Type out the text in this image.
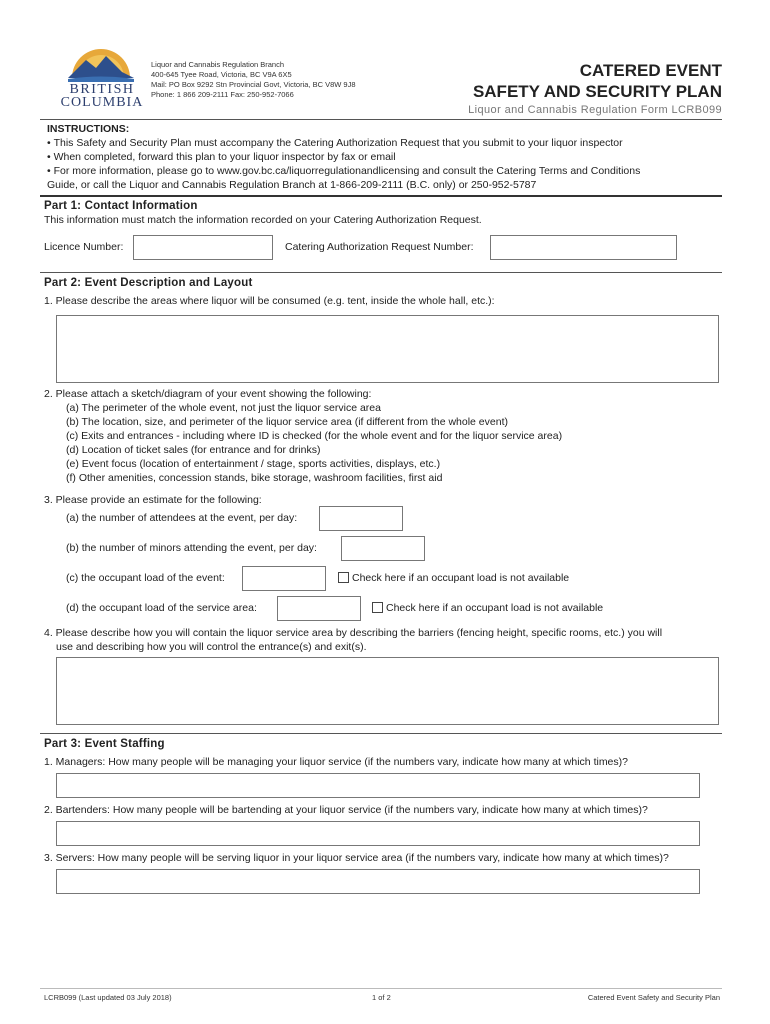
BRITISH
COLUMBIA
Liquor and Cannabis Regulation Branch
400-645 Tyee Road, Victoria, BC V9A 6X5
Mail: PO Box 9292 Stn Provincial Govt, Victoria, BC V8W 9J8
Phone: 1 866 209-2111 Fax: 250-952-7066
CATERED EVENT
SAFETY AND SECURITY PLAN
Liquor and Cannabis Regulation Form LCRB099
INSTRUCTIONS:
• This Safety and Security Plan must accompany the Catering Authorization Request that you submit to your liquor inspector
• When completed, forward this plan to your liquor inspector by fax or email
• For more information, please go to www.gov.bc.ca/liquorregulationandlicensing and consult the Catering Terms and Conditions
Guide, or call the Liquor and Cannabis Regulation Branch at 1-866-209-2111 (B.C. only) or 250-952-5787
Part 1: Contact Information
This information must match the information recorded on your Catering Authorization Request.
Licence Number:	Catering Authorization Request Number:
Part 2: Event Description and Layout
1. Please describe the areas where liquor will be consumed (e.g. tent, inside the whole hall, etc.):
2. Please attach a sketch/diagram of your event showing the following:
(a) The perimeter of the whole event, not just the liquor service area
(b) The location, size, and perimeter of the liquor service area (if different from the whole event)
(c) Exits and entrances - including where ID is checked (for the whole event and for the liquor service area)
(d) Location of ticket sales (for entrance and for drinks)
(e) Event focus (location of entertainment / stage, sports activities, displays, etc.)
(f) Other amenities, concession stands, bike storage, washroom facilities, first aid
3. Please provide an estimate for the following:
(a) the number of attendees at the event, per day:
(b) the number of minors attending the event, per day:
(c) the occupant load of the event:	Check here if an occupant load is not available
(d) the occupant load of the service area:	Check here if an occupant load is not available
4. Please describe how you will contain the liquor service area by describing the barriers (fencing height, specific rooms, etc.) you will
use and describing how you will control the entrance(s) and exit(s).
Part 3: Event Staffing
1. Managers: How many people will be managing your liquor service (if the numbers vary, indicate how many at which times)?
2. Bartenders: How many people will be bartending at your liquor service (if the numbers vary, indicate how many at which times)?
3. Servers: How many people will be serving liquor in your liquor service area (if the numbers vary, indicate how many at which times)?
LCRB099 (Last updated 03 July 2018)	1 of 2	Catered Event Safety and Security Plan
